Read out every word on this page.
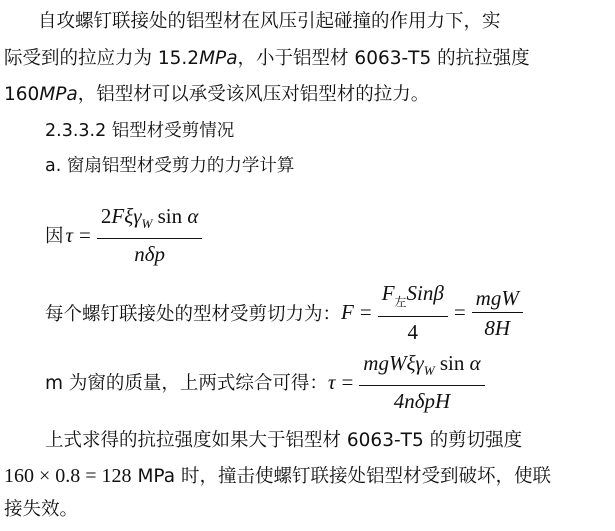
自攻螺钉联接处的铝型材在风压引起碰撞的作用力下，实
际受到的拉应力为 15.2MPa，小于铝型材 6063-T5 的抗拉强度
160MPa，铝型材可以承受该风压对铝型材的拉力。
2.3.3.2 铝型材受剪情况
a. 窗扇铝型材受剪力的力学计算
因 $\tau = \frac{2F\xi\gamma_W \sin \alpha}{\text{nδp}}$
每个螺钉联接处的型材受剪切力为： $F = \frac{F_左Sin\beta}{4} = \frac{\text{mgW}}{8H}$
m 为窗的质量，上两式综合可得： $\tau = \frac{mgW\xi\gamma_W \sin \alpha}{\text{4nδpH}}$
上式求得的抗拉强度如果大于铝型材 6063-T5 的剪切强度
160 × 0.8 = 128 MPa 时，撞击使螺钉联接处铝型材受到破坏，使联
接失效。
